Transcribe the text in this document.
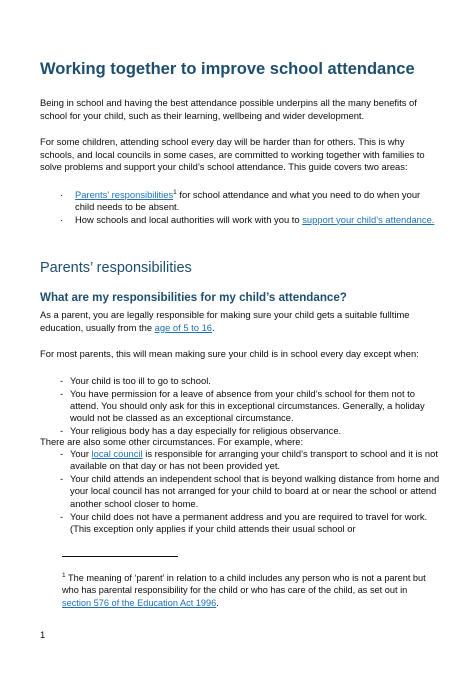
Working together to improve school attendance

Being in school and having the best attendance possible underpins all the many benefits of school for your child, such as their learning, wellbeing and wider development.

For some children, attending school every day will be harder than for others. This is why schools, and local councils in some cases, are committed to working together with families to solve problems and support your child’s school attendance. This guide covers two areas:

· Parents’ responsibilities$^1$ for school attendance and what you need to do when your child needs to be absent.
· How schools and local authorities will work with you to support your child’s attendance.
Parents’ responsibilities
What are my responsibilities for my child’s attendance?

As a parent, you are legally responsible for making sure your child gets a suitable fulltime education, usually from the age of 5 to 16.

For most parents, this will mean making sure your child is in school every day except when:

- Your child is too ill to go to school.
- You have permission for a leave of absence from your child’s school for them not to attend. You should only ask for this in exceptional circumstances. Generally, a holiday would not be classed as an exceptional circumstance.
- Your religious body has a day especially for religious observance.

There are also some other circumstances. For example, where:

- Your local council is responsible for arranging your child’s transport to school and it is not available on that day or has not been provided yet.
- Your child attends an independent school that is beyond walking distance from home and your local council has not arranged for your child to board at or near the school or attend another school closer to home.
- Your child does not have a permanent address and you are required to travel for work. (This exception only applies if your child attends their usual school or

$^1$ The meaning of ‘parent’ in relation to a child includes any person who is not a parent but who has parental responsibility for the child or who has care of the child, as set out in section 576 of the Education Act 1996.

1
